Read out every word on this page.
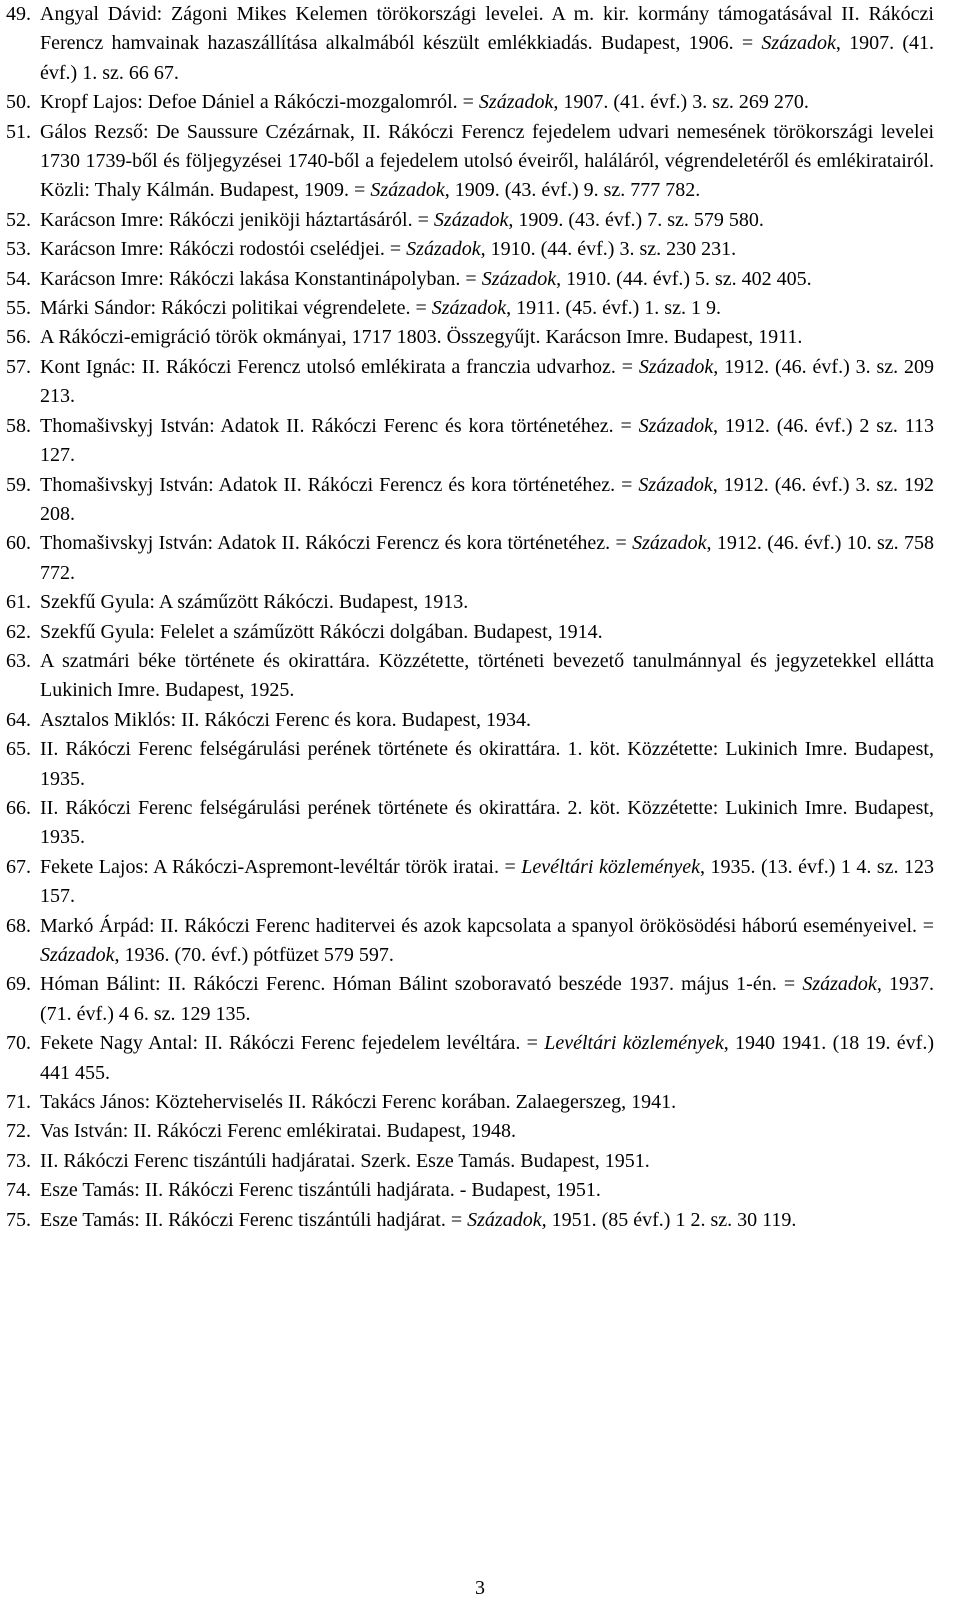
49. Angyal Dávid: Zágoni Mikes Kelemen törökországi levelei. A m. kir. kormány támogatásával II. Rákóczi Ferencz hamvainak hazaszállítása alkalmából készült emlékkiadás. Budapest, 1906. = Századok, 1907. (41. évf.) 1. sz. 66 67.
50. Kropf Lajos: Defoe Dániel a Rákóczi-mozgalomról. = Századok, 1907. (41. évf.) 3. sz. 269 270.
51. Gálos Rezső: De Saussure Czézárnak, II. Rákóczi Ferencz fejedelem udvari nemesének törökországi levelei 1730 1739-ből és följegyzései 1740-ből a fejedelem utolsó éveiről, haláláról, végrendeletéről és emlékiratairól. Közli: Thaly Kálmán. Budapest, 1909. = Századok, 1909. (43. évf.) 9. sz. 777 782.
52. Karácson Imre: Rákóczi jeniköji háztartásáról. = Századok, 1909. (43. évf.) 7. sz. 579 580.
53. Karácson Imre: Rákóczi rodostói cselédjei. = Századok, 1910. (44. évf.) 3. sz. 230 231.
54. Karácson Imre: Rákóczi lakása Konstantinápolyban. = Századok, 1910. (44. évf.) 5. sz. 402 405.
55. Márki Sándor: Rákóczi politikai végrendelete. = Századok, 1911. (45. évf.) 1. sz. 1 9.
56. A Rákóczi-emigráció török okmányai, 1717 1803. Összegyűjt. Karácson Imre. Budapest, 1911.
57. Kont Ignác: II. Rákóczi Ferencz utolsó emlékirata a franczia udvarhoz. = Századok, 1912. (46. évf.) 3. sz. 209 213.
58. Thomašivskyj István: Adatok II. Rákóczi Ferenc és kora történetéhez. = Századok, 1912. (46. évf.) 2 sz. 113 127.
59. Thomašivskyj István: Adatok II. Rákóczi Ferencz és kora történetéhez. = Századok, 1912. (46. évf.) 3. sz. 192 208.
60. Thomašivskyj István: Adatok II. Rákóczi Ferencz és kora történetéhez. = Századok, 1912. (46. évf.) 10. sz. 758 772.
61. Szekfű Gyula: A száműzött Rákóczi. Budapest, 1913.
62. Szekfű Gyula: Felelet a száműzött Rákóczi dolgában. Budapest, 1914.
63. A szatmári béke története és okirattára. Közzétette, történeti bevezető tanulmánnyal és jegyzetekkel ellátta Lukinich Imre. Budapest, 1925.
64. Asztalos Miklós: II. Rákóczi Ferenc és kora. Budapest, 1934.
65. II. Rákóczi Ferenc felségárulási perének története és okirattára. 1. köt. Közzétette: Lukinich Imre. Budapest, 1935.
66. II. Rákóczi Ferenc felségárulási perének története és okirattára. 2. köt. Közzétette: Lukinich Imre. Budapest, 1935.
67. Fekete Lajos: A Rákóczi-Aspremont-levéltár török iratai. = Levéltári közlemények, 1935. (13. évf.) 1 4. sz. 123 157.
68. Markó Árpád: II. Rákóczi Ferenc haditervei és azok kapcsolata a spanyol örökösödési háború eseményeivel. = Századok, 1936. (70. évf.) pótfüzet 579 597.
69. Hóman Bálint: II. Rákóczi Ferenc. Hóman Bálint szoboravató beszéde 1937. május 1-én. = Századok, 1937. (71. évf.) 4 6. sz. 129 135.
70. Fekete Nagy Antal: II. Rákóczi Ferenc fejedelem levéltára. = Levéltári közlemények, 1940 1941. (18 19. évf.) 441 455.
71. Takács János: Közteherviselés II. Rákóczi Ferenc korában. Zalaegerszeg, 1941.
72. Vas István: II. Rákóczi Ferenc emlékiratai. Budapest, 1948.
73. II. Rákóczi Ferenc tiszántúli hadjáratai. Szerk. Esze Tamás. Budapest, 1951.
74. Esze Tamás: II. Rákóczi Ferenc tiszántúli hadjárata. - Budapest, 1951.
75. Esze Tamás: II. Rákóczi Ferenc tiszántúli hadjárat. = Századok, 1951. (85 évf.) 1 2. sz. 30 119.
3
